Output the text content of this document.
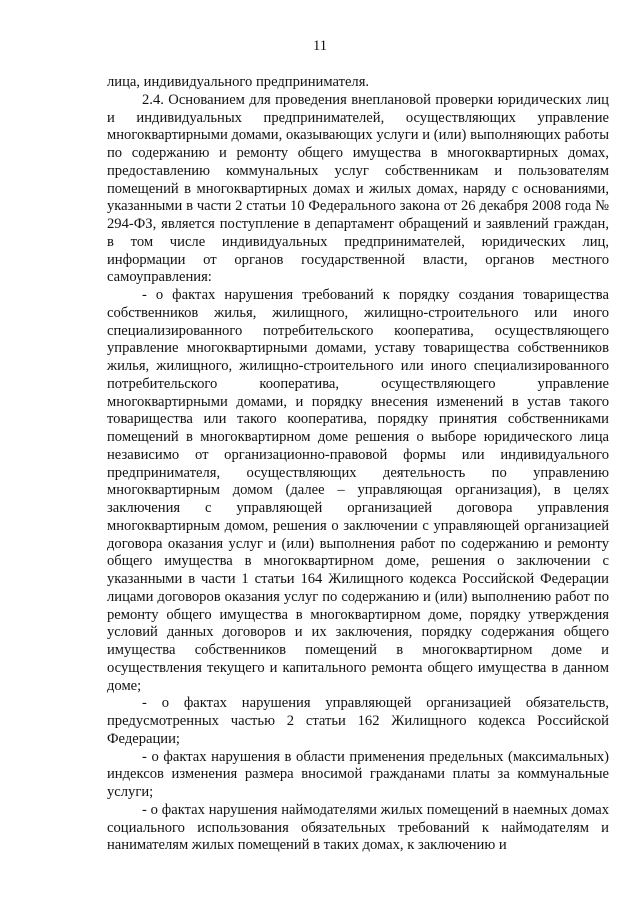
11

лица, индивидуального предпринимателя.

2.4. Основанием для проведения внеплановой проверки юридических лиц и индивидуальных предпринимателей, осуществляющих управление многоквартирными домами, оказывающих услуги и (или) выполняющих работы по содержанию и ремонту общего имущества в многоквартирных домах, предоставлению коммунальных услуг собственникам и пользователям помещений в многоквартирных домах и жилых домах, наряду с основаниями, указанными в части 2 статьи 10 Федерального закона от 26 декабря 2008 года № 294-ФЗ, является поступление в департамент обращений и заявлений граждан, в том числе индивидуальных предпринимателей, юридических лиц, информации от органов государственной власти, органов местного самоуправления:

- о фактах нарушения требований к порядку создания товарищества собственников жилья, жилищного, жилищно-строительного или иного специализированного потребительского кооператива, осуществляющего управление многоквартирными домами, уставу товарищества собственников жилья, жилищного, жилищно-строительного или иного специализированного потребительского кооператива, осуществляющего управление многоквартирными домами, и порядку внесения изменений в устав такого товарищества или такого кооператива, порядку принятия собственниками помещений в многоквартирном доме решения о выборе юридического лица независимо от организационно-правовой формы или индивидуального предпринимателя, осуществляющих деятельность по управлению многоквартирным домом (далее – управляющая организация), в целях заключения с управляющей организацией договора управления многоквартирным домом, решения о заключении с управляющей организацией договора оказания услуг и (или) выполнения работ по содержанию и ремонту общего имущества в многоквартирном доме, решения о заключении с указанными в части 1 статьи 164 Жилищного кодекса Российской Федерации лицами договоров оказания услуг по содержанию и (или) выполнению работ по ремонту общего имущества в многоквартирном доме, порядку утверждения условий данных договоров и их заключения, порядку содержания общего имущества собственников помещений в многоквартирном доме и осуществления текущего и капитального ремонта общего имущества в данном доме;

- о фактах нарушения управляющей организацией обязательств, предусмотренных частью 2 статьи 162 Жилищного кодекса Российской Федерации;

- о фактах нарушения в области применения предельных (максимальных) индексов изменения размера вносимой гражданами платы за коммунальные услуги;

- о фактах нарушения наймодателями жилых помещений в наемных домах социального использования обязательных требований к наймодателям и нанимателям жилых помещений в таких домах, к заключению и
